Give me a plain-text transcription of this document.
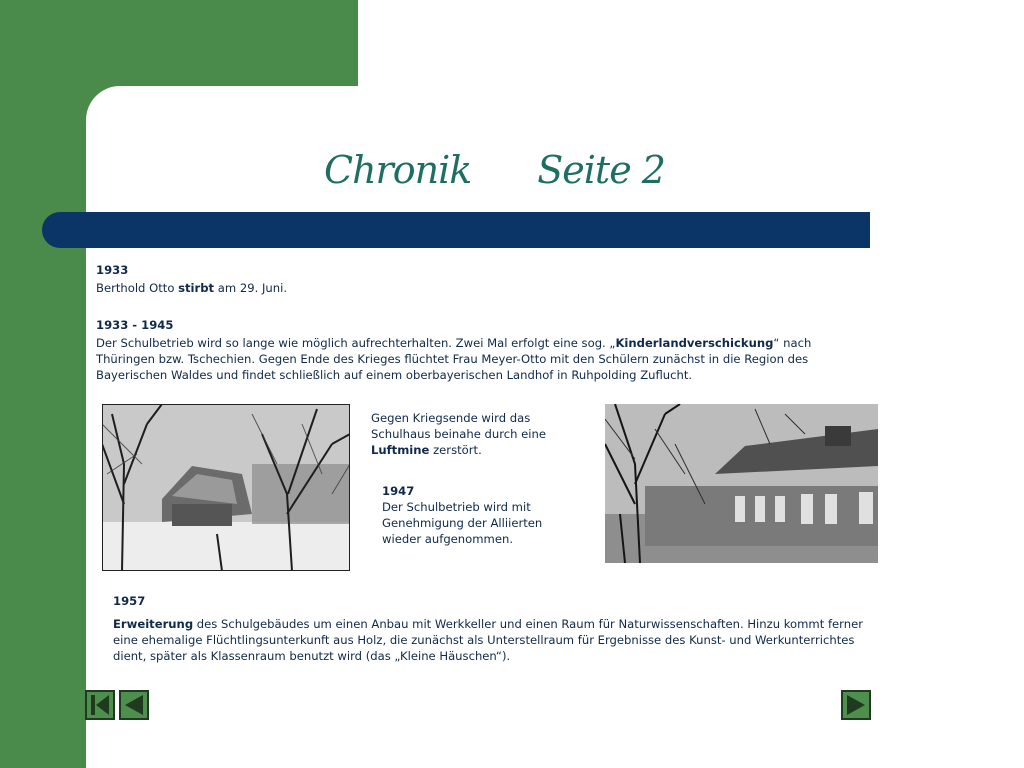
Chronik Seite 2
1933
Berthold Otto stirbt am 29. Juni.
1933 - 1945
Der Schulbetrieb wird so lange wie möglich aufrechterhalten. Zwei Mal erfolgt eine sog. „Kinderlandverschickung“ nach Thüringen bzw. Tschechien. Gegen Ende des Krieges flüchtet Frau Meyer-Otto mit den Schülern zunächst in die Region des Bayerischen Waldes und findet schließlich auf einem oberbayerischen Landhof in Ruhpolding Zuflucht.
Gegen Kriegsende wird das Schulhaus beinahe durch eine Luftmine zerstört.
1947
Der Schulbetrieb wird mit Genehmigung der Alliierten wieder aufgenommen.
1957
Erweiterung des Schulgebäudes um einen Anbau mit Werkkeller und einen Raum für Naturwissenschaften. Hinzu kommt ferner eine ehemalige Flüchtlingsunterkunft aus Holz, die zunächst als Unterstellraum für Ergebnisse des Kunst- und Werkunterrichtes dient, später als Klassenraum benutzt wird (das „Kleine Häuschen“).
